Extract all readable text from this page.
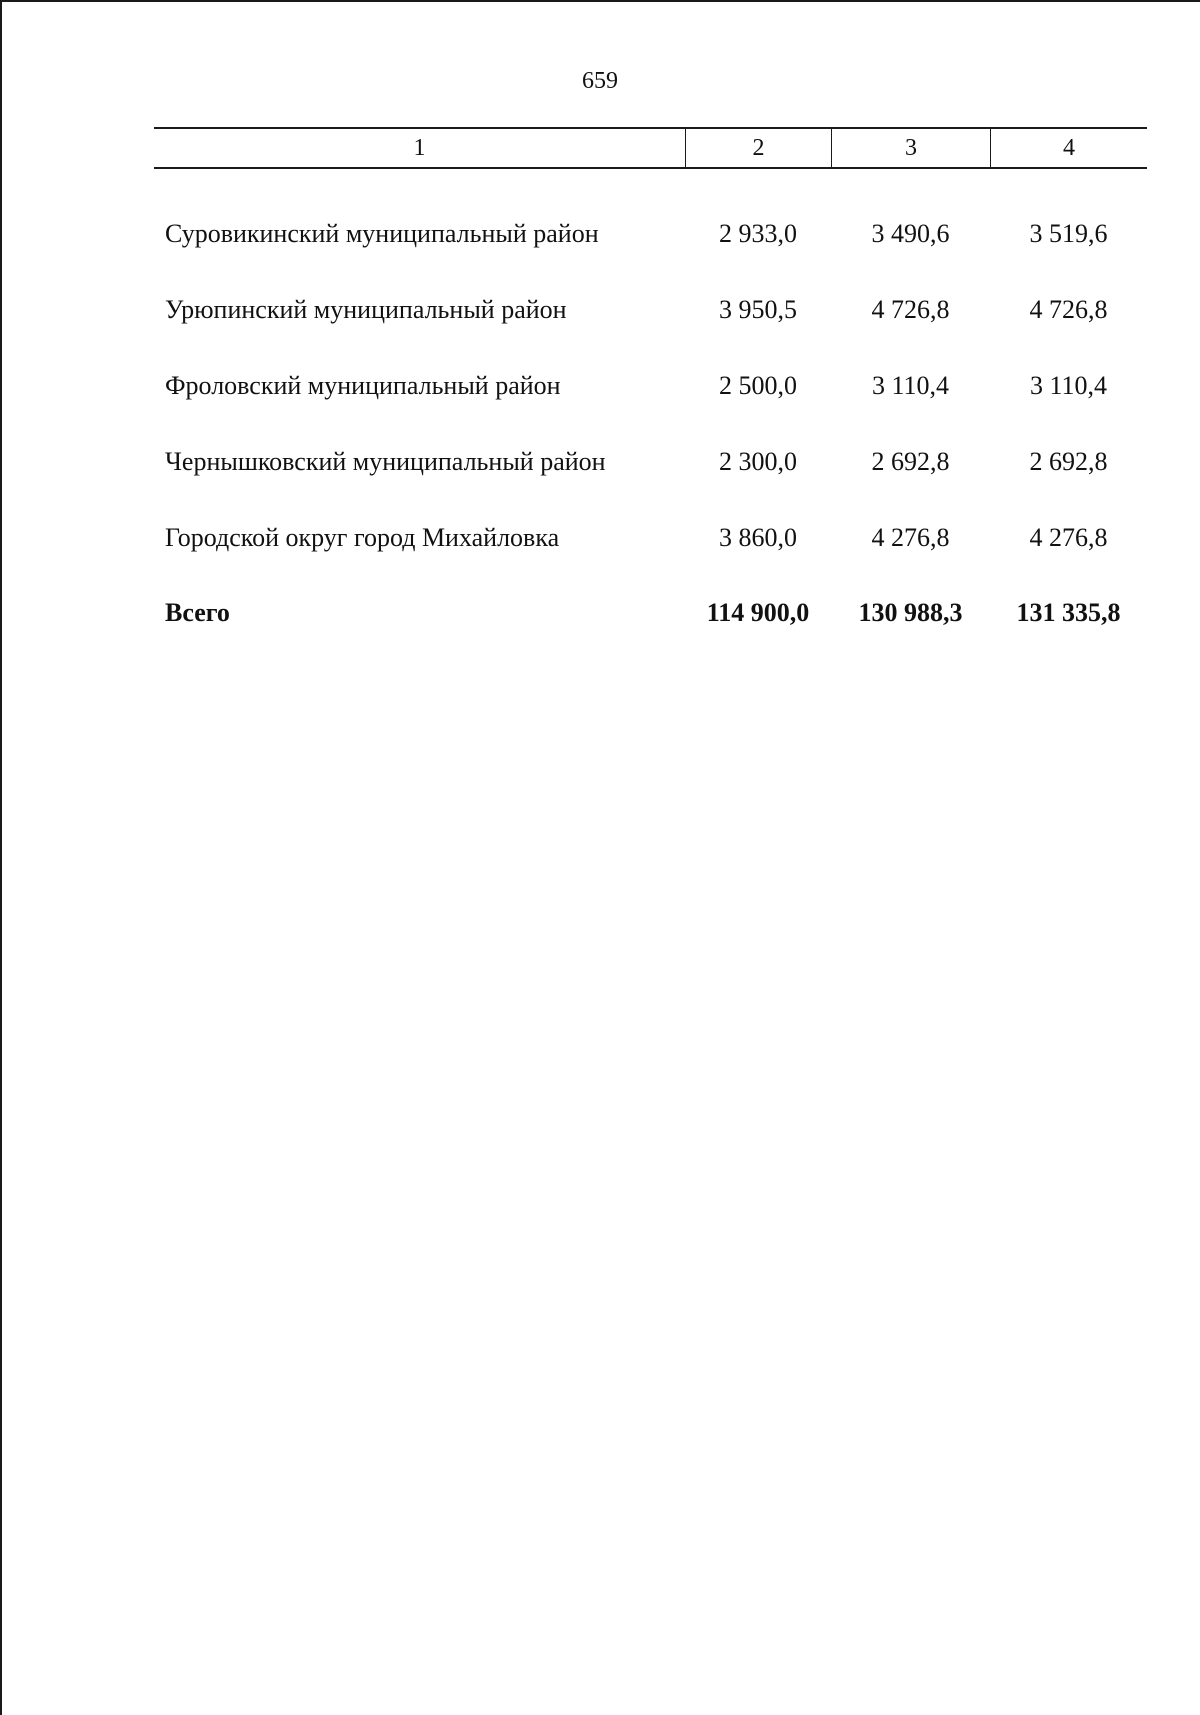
659
1	2	3	4
Суровикинский муниципальный район	2 933,0	3 490,6	3 519,6
Урюпинский муниципальный район	3 950,5	4 726,8	4 726,8
Фроловский муниципальный район	2 500,0	3 110,4	3 110,4
Чернышковский муниципальный район	2 300,0	2 692,8	2 692,8
Городской округ город Михайловка	3 860,0	4 276,8	4 276,8
Всего	114 900,0	130 988,3	131 335,8
